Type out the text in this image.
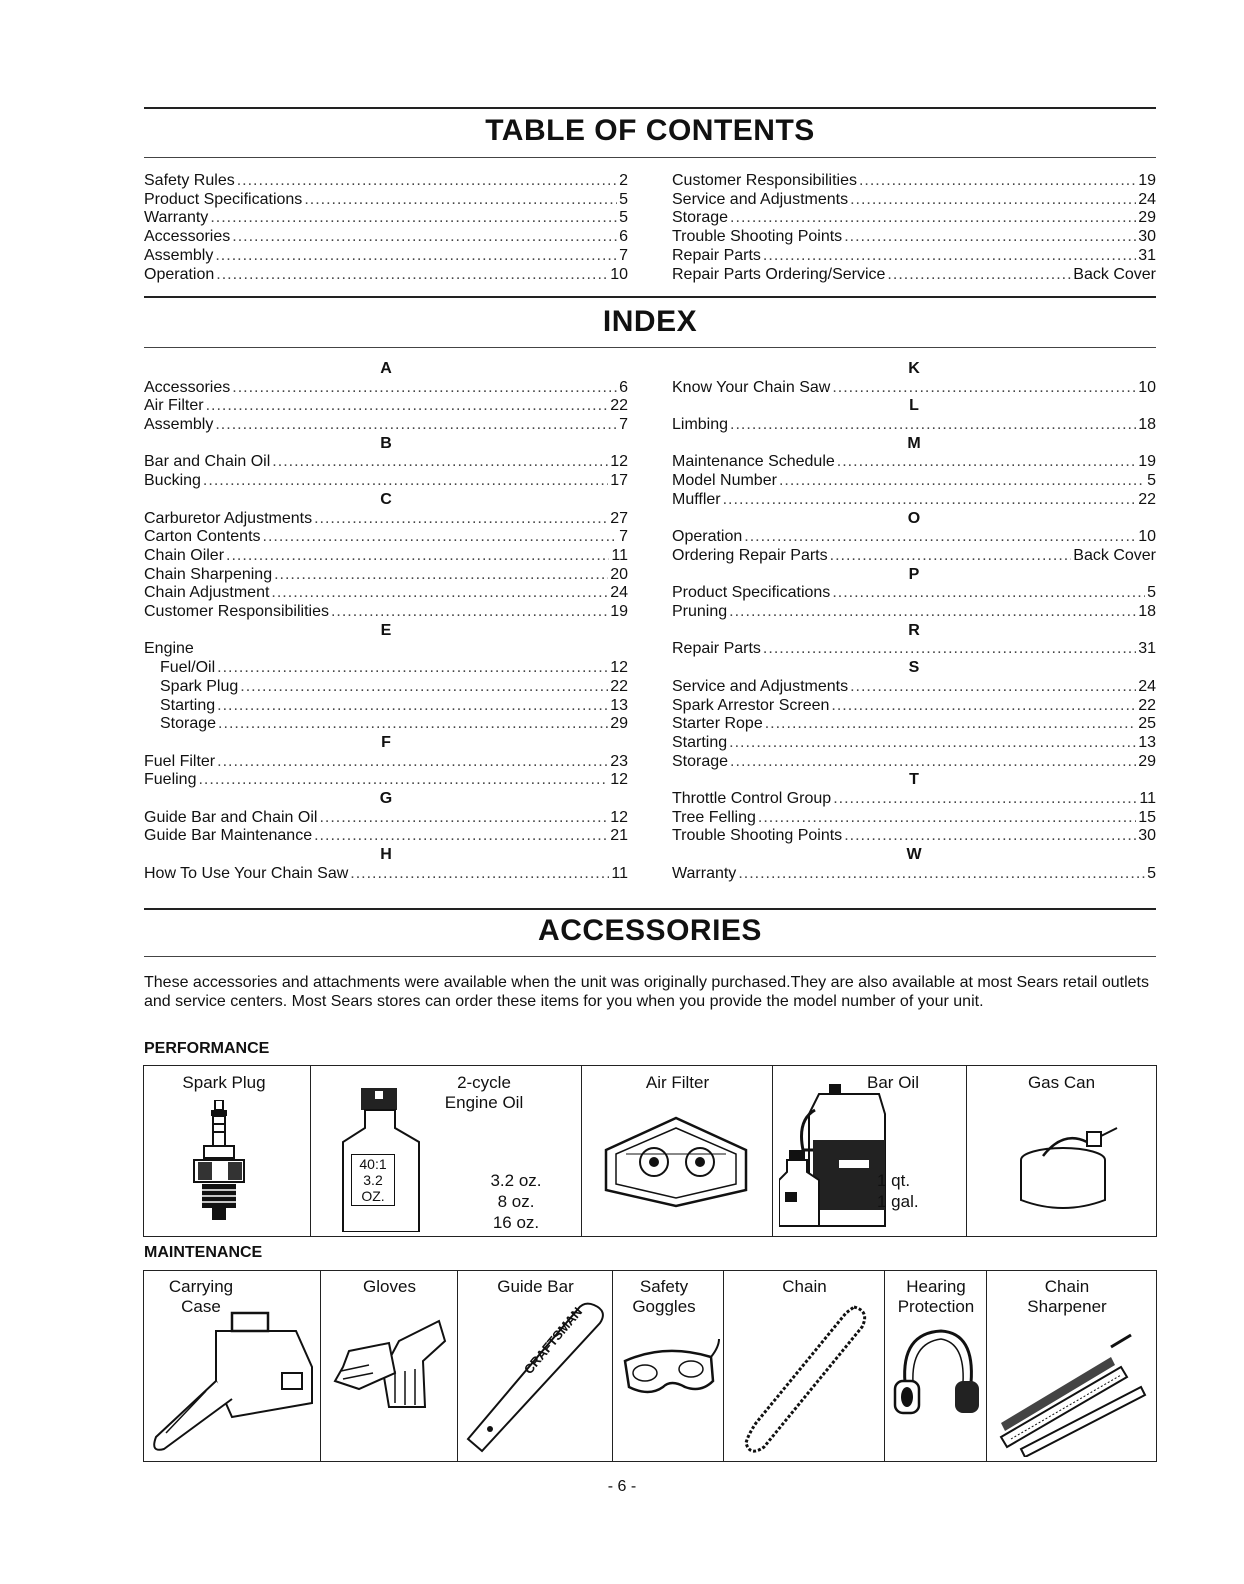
TABLE OF CONTENTS
Safety Rules .....	2
Product Specifications .....	5
Warranty .....	5
Accessories .....	6
Assembly .....	7
Operation .....	10
Customer Responsibilities .....	19
Service and Adjustments .....	24
Storage .....	29
Trouble Shooting Points .....	30
Repair Parts .....	31
Repair Parts Ordering/Service .....	Back Cover
INDEX
A
Accessories .....	6
Air Filter .....	22
Assembly .....	7
B
Bar and Chain Oil .....	12
Bucking .....	17
C
Carburetor Adjustments .....	27
Carton Contents .....	7
Chain Oiler .....	11
Chain Sharpening .....	20
Chain Adjustment .....	24
Customer Responsibilities .....	19
E
Engine
Fuel/Oil .....	12
Spark Plug .....	22
Starting .....	13
Storage .....	29
F
Fuel Filter .....	23
Fueling .....	12
G
Guide Bar and Chain Oil .....	12
Guide Bar Maintenance .....	21
H
How To Use Your Chain Saw .....	11
K
Know Your Chain Saw .....	10
L
Limbing .....	18
M
Maintenance Schedule .....	19
Model Number .....	5
Muffler .....	22
O
Operation .....	10
Ordering Repair Parts .....	Back Cover
P
Product Specifications .....	5
Pruning .....	18
R
Repair Parts .....	31
S
Service and Adjustments .....	24
Spark Arrestor Screen .....	22
Starter Rope .....	25
Starting .....	13
Storage .....	29
T
Throttle Control Group .....	11
Tree Felling .....	15
Trouble Shooting Points .....	30
W
Warranty .....	5
ACCESSORIES
These accessories and attachments were available when the unit was originally purchased.They are also available at most Sears retail outlets and service centers. Most Sears stores can order these items for you when you provide the model number of your unit.
PERFORMANCE
Spark Plug	2-cycle Engine Oil
40:1 3.2 OZ.
3.2 oz.
8 oz.
16 oz.
Air Filter	Bar Oil
1 qt.
1 gal.
Gas Can
MAINTENANCE
Carrying Case
Gloves	Guide Bar
CRAFTSMAN
Safety Goggles
Chain	Hearing Protection
Chain Sharpener
- 6 -
